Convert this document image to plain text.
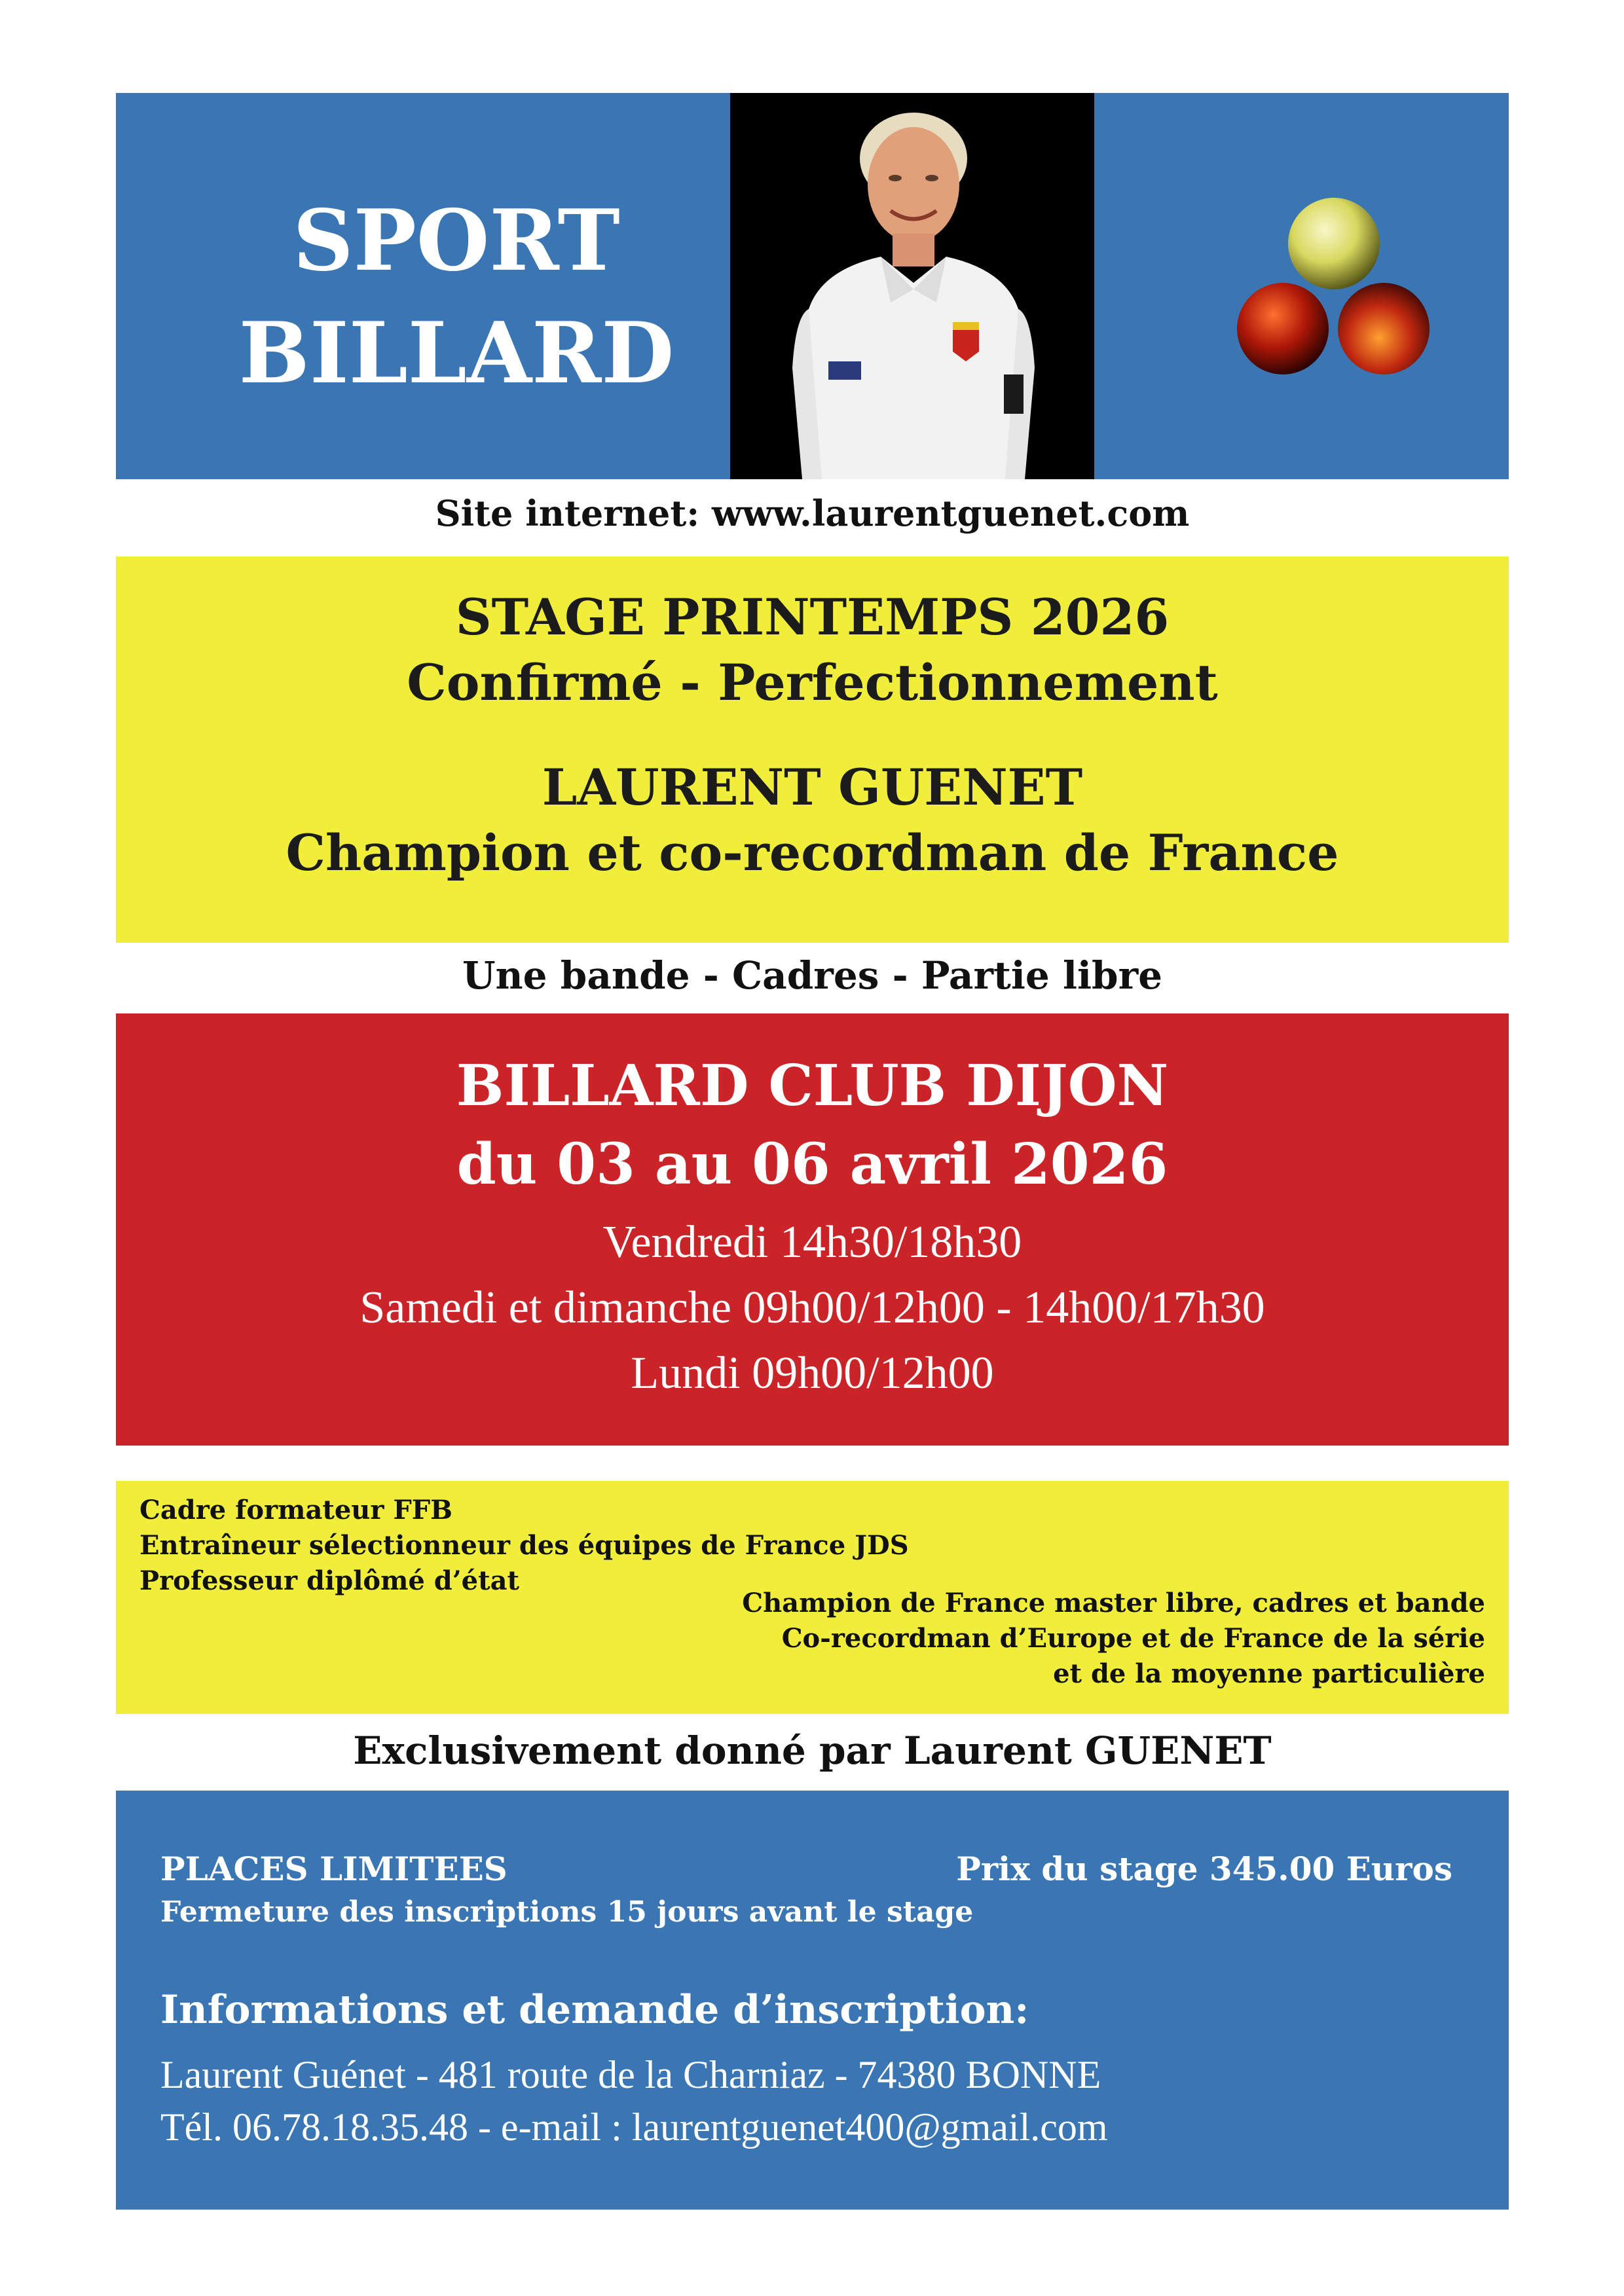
SPORT
BILLARD
Site internet: www.laurentguenet.com
STAGE PRINTEMPS 2026
Confirmé - Perfectionnement
LAURENT GUENET
Champion et co-recordman de France
Une bande - Cadres - Partie libre
BILLARD CLUB DIJON
du 03 au 06 avril 2026
Vendredi 14h30/18h30
Samedi et dimanche 09h00/12h00 - 14h00/17h30
Lundi 09h00/12h00
Cadre formateur FFB
Entraîneur sélectionneur des équipes de France JDS
Professeur diplômé d’état
Champion de France master libre, cadres et bande
Co-recordman d’Europe et de France de la série
et de la moyenne particulière
Exclusivement donné par Laurent GUENET
PLACES LIMITEES	Prix du stage 345.00 Euros
Fermeture des inscriptions 15 jours avant le stage
Informations et demande d’inscription:
Laurent Guénet - 481 route de la Charniaz - 74380 BONNE
Tél. 06.78.18.35.48 - e-mail : laurentguenet400@gmail.com
